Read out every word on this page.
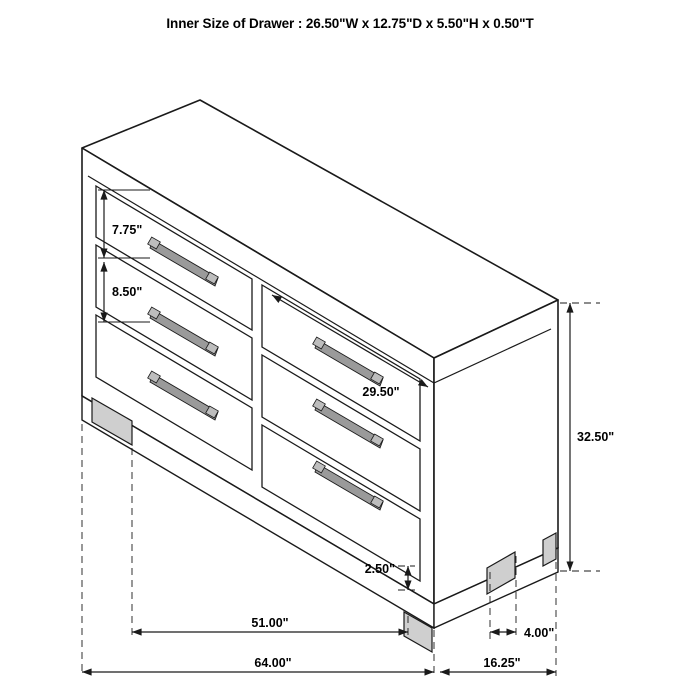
Inner Size of Drawer : 26.50"W x 12.75"D x 5.50"H x 0.50"T
7.75"
8.50"
29.50"
32.50"
2.50"
4.00"
51.00"
64.00"	16.25"
